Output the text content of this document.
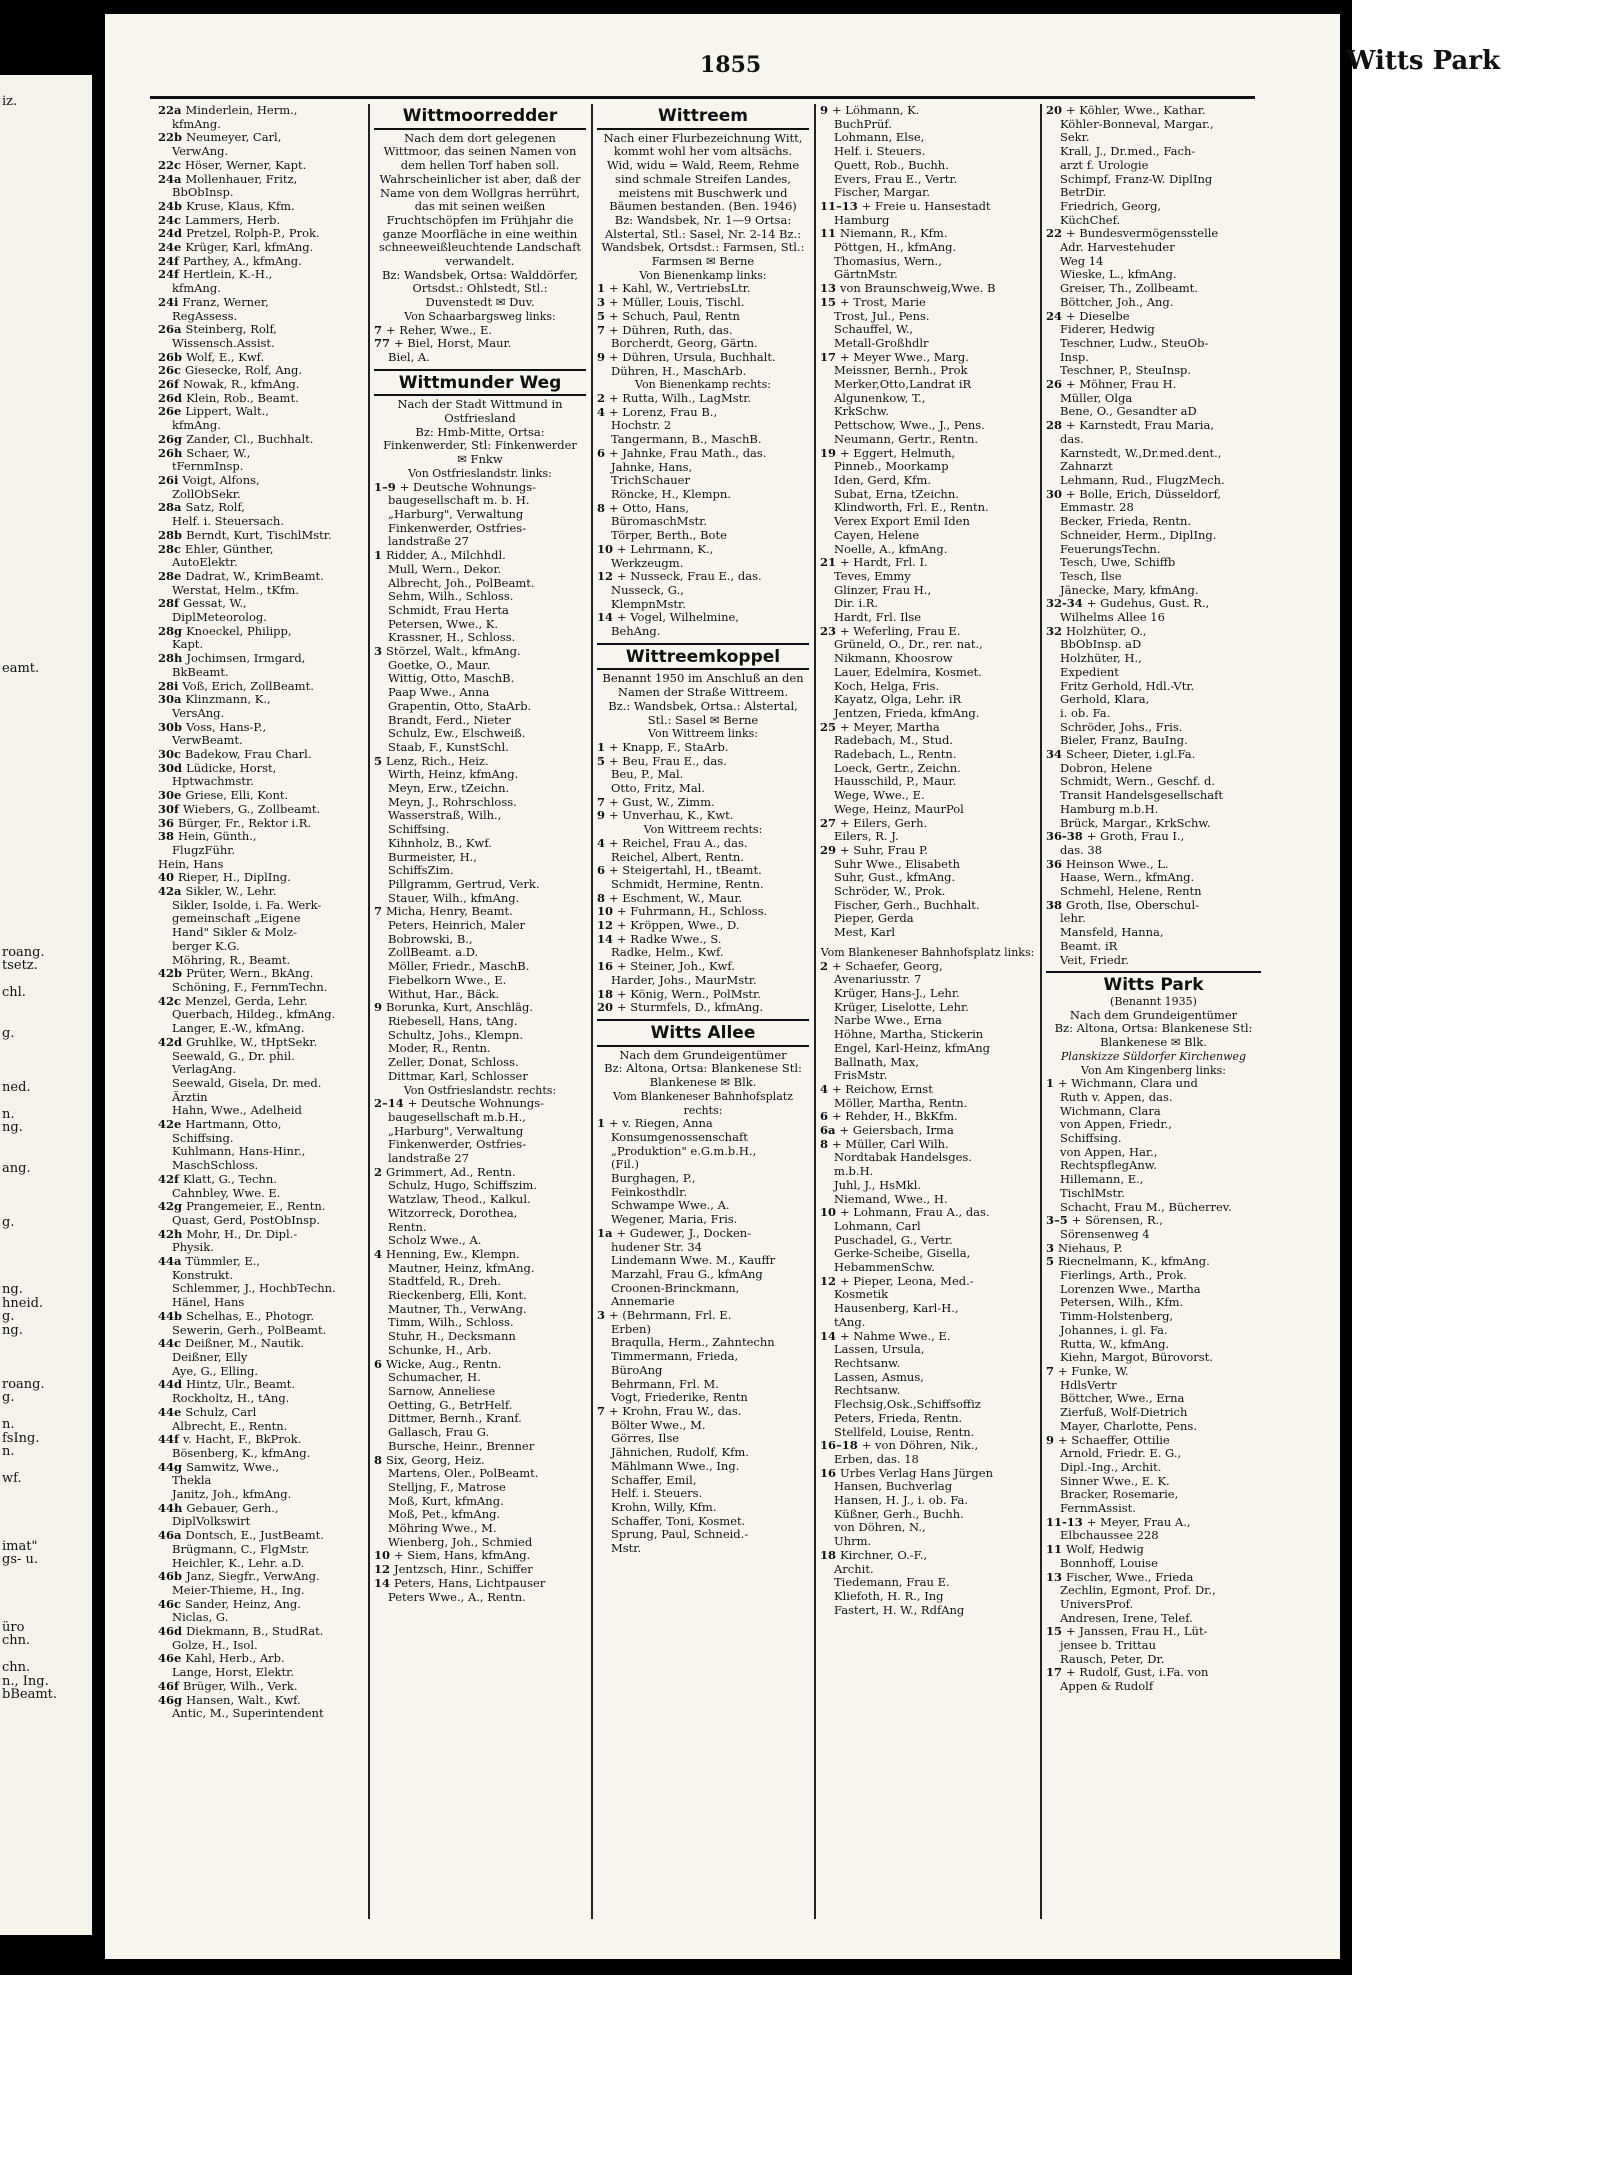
iz.
eamt.
roang.
tsetz.
chl.
g.
ned.
n.
ng.
ang.
g.
ng.
hneid.
g.
ng.
roang.
g.
n.
fsIng.
n.
wf.
imat"
gs- u.
üro
chn.
chn.
n., Ing.
bBeamt.
1855	Witts Park
22a Minderlein, Herm.,
kfmAng.
22b Neumeyer, Carl,
VerwAng.
22c Höser, Werner, Kapt.
24a Mollenhauer, Fritz,
BbObInsp.
24b Kruse, Klaus, Kfm.
24c Lammers, Herb.
24d Pretzel, Rolph-P., Prok.
24e Krüger, Karl, kfmAng.
24f Parthey, A., kfmAng.
24f Hertlein, K.-H.,
kfmAng.
24i Franz, Werner,
RegAssess.
26a Steinberg, Rolf,
Wissensch.Assist.
26b Wolf, E., Kwf.
26c Giesecke, Rolf, Ang.
26f Nowak, R., kfmAng.
26d Klein, Rob., Beamt.
26e Lippert, Walt.,
kfmAng.
26g Zander, Cl., Buchhalt.
26h Schaer, W.,
tFernmInsp.
26i Voigt, Alfons,
ZollObSekr.
28a Satz, Rolf,
Helf. i. Steuersach.
28b Berndt, Kurt, TischlMstr.
28c Ehler, Günther,
AutoElektr.
28e Dadrat, W., KrimBeamt.
Werstat, Helm., tKfm.
28f Gessat, W.,
DiplMeteorolog.
28g Knoeckel, Philipp,
Kapt.
28h Jochimsen, Irmgard,
BkBeamt.
28i Voß, Erich, ZollBeamt.
30a Klinzmann, K.,
VersAng.
30b Voss, Hans-P.,
VerwBeamt.
30c Badekow, Frau Charl.
30d Lüdicke, Horst,
Hptwachmstr.
30e Griese, Elli, Kont.
30f Wiebers, G., Zollbeamt.
36 Bürger, Fr., Rektor i.R.
38 Hein, Günth.,
FlugzFühr.
Hein, Hans
40 Rieper, H., DiplIng.
42a Sikler, W., Lehr.
Sikler, Isolde, i. Fa. Werk-
gemeinschaft „Eigene
Hand" Sikler & Molz-
berger K.G.
Möhring, R., Beamt.
42b Prüter, Wern., BkAng.
Schöning, F., FernmTechn.
42c Menzel, Gerda, Lehr.
Querbach, Hildeg., kfmAng.
Langer, E.-W., kfmAng.
42d Gruhlke, W., tHptSekr.
Seewald, G., Dr. phil.
VerlagAng.
Seewald, Gisela, Dr. med.
Ärztin
Hahn, Wwe., Adelheid
42e Hartmann, Otto,
Schiffsing.
Kuhlmann, Hans-Hinr.,
MaschSchloss.
42f Klatt, G., Techn.
Cahnbley, Wwe. E.
42g Prangemeier, E., Rentn.
Quast, Gerd, PostObInsp.
42h Mohr, H., Dr. Dipl.-
Physik.
44a Tümmler, E.,
Konstrukt.
Schlemmer, J., HochbTechn.
Hänel, Hans
44b Schelhas, E., Photogr.
Sewerin, Gerh., PolBeamt.
44c Deißner, M., Nautik.
Deißner, Elly
Aye, G., Elling.
44d Hintz, Ulr., Beamt.
Rockholtz, H., tAng.
44e Schulz, Carl
Albrecht, E., Rentn.
44f v. Hacht, F., BkProk.
Bösenberg, K., kfmAng.
44g Samwitz, Wwe.,
Thekla
Janitz, Joh., kfmAng.
44h Gebauer, Gerh.,
DiplVolkswirt
46a Dontsch, E., JustBeamt.
Brügmann, C., FlgMstr.
Heichler, K., Lehr. a.D.
46b Janz, Siegfr., VerwAng.
Meier-Thieme, H., Ing.
46c Sander, Heinz, Ang.
Niclas, G.
46d Diekmann, B., StudRat.
Golze, H., Isol.
46e Kahl, Herb., Arb.
Lange, Horst, Elektr.
46f Brüger, Wilh., Verk.
46g Hansen, Walt., Kwf.
Antic, M., Superintendent
Wittmoorredder
Nach dem dort gelegenen Wittmoor, das seinen Namen von dem hellen Torf haben soll. Wahrscheinlicher ist aber, daß der Name von dem Wollgras herrührt, das mit seinen weißen Fruchtschöpfen im Frühjahr die ganze Moorfläche in eine weithin schneeweißleuchtende Landschaft verwandelt.
Bz: Wandsbek, Ortsa: Walddörfer, Ortsdst.: Ohlstedt, Stl.: Duvenstedt ✉ Duv.
Von Schaarbargsweg links:
7 + Reher, Wwe., E.
77 + Biel, Horst, Maur.
Biel, A.
Wittmunder Weg
Nach der Stadt Wittmund in Ostfriesland
Bz: Hmb-Mitte, Ortsa: Finkenwerder, Stl: Finkenwerder ✉ Fnkw
Von Ostfrieslandstr. links:
1–9 + Deutsche Wohnungs-
baugesellschaft m. b. H.
„Harburg", Verwaltung
Finkenwerder, Ostfries-
landstraße 27
1 Ridder, A., Milchhdl.
Mull, Wern., Dekor.
Albrecht, Joh., PolBeamt.
Sehm, Wilh., Schloss.
Schmidt, Frau Herta
Petersen, Wwe., K.
Krassner, H., Schloss.
3 Störzel, Walt., kfmAng.
Goetke, O., Maur.
Wittig, Otto, MaschB.
Paap Wwe., Anna
Grapentin, Otto, StaArb.
Brandt, Ferd., Nieter
Schulz, Ew., Elschweiß.
Staab, F., KunstSchl.
5 Lenz, Rich., Heiz.
Wirth, Heinz, kfmAng.
Meyn, Erw., tZeichn.
Meyn, J., Rohrschloss.
Wasserstraß, Wilh.,
Schiffsing.
Kihnholz, B., Kwf.
Burmeister, H.,
SchiffsZim.
Pillgramm, Gertrud, Verk.
Stauer, Wilh., kfmAng.
7 Micha, Henry, Beamt.
Peters, Heinrich, Maler
Bobrowski, B.,
ZollBeamt. a.D.
Möller, Friedr., MaschB.
Fiebelkorn Wwe., E.
Withut, Har., Bäck.
9 Borunka, Kurt, Anschläg.
Riebesell, Hans, tAng.
Schultz, Johs., Klempn.
Moder, R., Rentn.
Zeller, Donat, Schloss.
Dittmar, Karl, Schlosser
Von Ostfrieslandstr. rechts:
2–14 + Deutsche Wohnungs-
baugesellschaft m.b.H.,
„Harburg", Verwaltung
Finkenwerder, Ostfries-
landstraße 27
2 Grimmert, Ad., Rentn.
Schulz, Hugo, Schiffszim.
Watzlaw, Theod., Kalkul.
Witzorreck, Dorothea,
Rentn.
Scholz Wwe., A.
4 Henning, Ew., Klempn.
Mautner, Heinz, kfmAng.
Stadtfeld, R., Dreh.
Rieckenberg, Elli, Kont.
Mautner, Th., VerwAng.
Timm, Wilh., Schloss.
Stuhr, H., Decksmann
Schunke, H., Arb.
6 Wicke, Aug., Rentn.
Schumacher, H.
Sarnow, Anneliese
Oetting, G., BetrHelf.
Dittmer, Bernh., Kranf.
Gallasch, Frau G.
Bursche, Heinr., Brenner
8 Six, Georg, Heiz.
Martens, Oler., PolBeamt.
Stelljng, F., Matrose
Moß, Kurt, kfmAng.
Moß, Pet., kfmAng.
Möhring Wwe., M.
Wienberg, Joh., Schmied
10 + Siem, Hans, kfmAng.
12 Jentzsch, Hinr., Schiffer
14 Peters, Hans, Lichtpauser
Peters Wwe., A., Rentn.
Wittreem
Nach einer Flurbezeichnung Witt, kommt wohl her vom altsächs. Wid, widu = Wald, Reem, Rehme sind schmale Streifen Landes, meistens mit Buschwerk und Bäumen bestanden. (Ben. 1946)
Bz: Wandsbek, Nr. 1—9 Ortsa: Alstertal, Stl.: Sasel, Nr. 2-14 Bz.: Wandsbek, Ortsdst.: Farmsen, Stl.: Farmsen ✉ Berne
Von Bienenkamp links:
1 + Kahl, W., VertriebsLtr.
3 + Müller, Louis, Tischl.
5 + Schuch, Paul, Rentn
7 + Dühren, Ruth, das.
Borcherdt, Georg, Gärtn.
9 + Dühren, Ursula, Buchhalt.
Dühren, H., MaschArb.
Von Bienenkamp rechts:
2 + Rutta, Wilh., LagMstr.
4 + Lorenz, Frau B.,
Hochstr. 2
Tangermann, B., MaschB.
6 + Jahnke, Frau Math., das.
Jahnke, Hans,
TrichSchauer
Röncke, H., Klempn.
8 + Otto, Hans,
BüromaschMstr.
Törper, Berth., Bote
10 + Lehrmann, K.,
Werkzeugm.
12 + Nusseck, Frau E., das.
Nusseck, G.,
KlempnMstr.
14 + Vogel, Wilhelmine,
BehAng.
Wittreemkoppel
Benannt 1950 im Anschluß an den Namen der Straße Wittreem.
Bz.: Wandsbek, Ortsa.: Alstertal, Stl.: Sasel ✉ Berne
Von Wittreem links:
1 + Knapp, F., StaArb.
5 + Beu, Frau E., das.
Beu, P., Mal.
Otto, Fritz, Mal.
7 + Gust, W., Zimm.
9 + Unverhau, K., Kwt.
Von Wittreem rechts:
4 + Reichel, Frau A., das.
Reichel, Albert, Rentn.
6 + Steigertahl, H., tBeamt.
Schmidt, Hermine, Rentn.
8 + Eschment, W., Maur.
10 + Fuhrmann, H., Schloss.
12 + Kröppen, Wwe., D.
14 + Radke Wwe., S.
Radke, Helm., Kwf.
16 + Steiner, Joh., Kwf.
Harder, Johs., MaurMstr.
18 + König, Wern., PolMstr.
20 + Sturmfels, D., kfmAng.
Witts Allee
Nach dem Grundeigentümer
Bz: Altona, Ortsa: Blankenese Stl: Blankenese ✉ Blk.
Vom Blankeneser Bahnhofsplatz rechts:
1 + v. Riegen, Anna
Konsumgenossenschaft
„Produktion" e.G.m.b.H.,
(Fil.)
Burghagen, P.,
Feinkosthdlr.
Schwampe Wwe., A.
Wegener, Maria, Fris.
1a + Gudewer, J., Docken-
hudener Str. 34
Lindemann Wwe. M., Kauffr
Marzahl, Frau G., kfmAng
Croonen-Brinckmann,
Annemarie
3 + (Behrmann, Frl. E.
Erben)
Braqulla, Herm., Zahntechn
Timmermann, Frieda,
BüroAng
Behrmann, Frl. M.
Vogt, Friederike, Rentn
7 + Krohn, Frau W., das.
Bölter Wwe., M.
Görres, Ilse
Jähnichen, Rudolf, Kfm.
Mählmann Wwe., Ing.
Schaffer, Emil,
Helf. i. Steuers.
Krohn, Willy, Kfm.
Schaffer, Toni, Kosmet.
Sprung, Paul, Schneid.-
Mstr.
9 + Löhmann, K.
BuchPrüf.
Lohmann, Else,
Helf. i. Steuers.
Quett, Rob., Buchh.
Evers, Frau E., Vertr.
Fischer, Margar.
11–13 + Freie u. Hansestadt
Hamburg
11 Niemann, R., Kfm.
Pöttgen, H., kfmAng.
Thomasius, Wern.,
GärtnMstr.
13 von Braunschweig,Wwe. B
15 + Trost, Marie
Trost, Jul., Pens.
Schauffel, W.,
Metall-Großhdlr
17 + Meyer Wwe., Marg.
Meissner, Bernh., Prok
Merker,Otto,Landrat iR
Algunenkow, T.,
KrkSchw.
Pettschow, Wwe., J., Pens.
Neumann, Gertr., Rentn.
19 + Eggert, Helmuth,
Pinneb., Moorkamp
Iden, Gerd, Kfm.
Subat, Erna, tZeichn.
Klindworth, Frl. E., Rentn.
Verex Export Emil Iden
Cayen, Helene
Noelle, A., kfmAng.
21 + Hardt, Frl. I.
Teves, Emmy
Glinzer, Frau H.,
Dir. i.R.
Hardt, Frl. Ilse
23 + Weferling, Frau E.
Grüneld, O., Dr., rer. nat.,
Nikmann, Khoosrow
Lauer, Edelmira, Kosmet.
Koch, Helga, Fris.
Kayatz, Olga, Lehr. iR
Jentzen, Frieda, kfmAng.
25 + Meyer, Martha
Radebach, M., Stud.
Radebach, L., Rentn.
Loeck, Gertr., Zeichn.
Hausschild, P., Maur.
Wege, Wwe., E.
Wege, Heinz, MaurPol
27 + Eilers, Gerh.
Eilers, R. J.
29 + Suhr, Frau P.
Suhr Wwe., Elisabeth
Suhr, Gust., kfmAng.
Schröder, W., Prok.
Fischer, Gerh., Buchhalt.
Pieper, Gerda
Mest, Karl
Vom Blankeneser Bahnhofsplatz links:
2 + Schaefer, Georg,
Avenariusstr. 7
Krüger, Hans-J., Lehr.
Krüger, Liselotte, Lehr.
Narbe Wwe., Erna
Höhne, Martha, Stickerin
Engel, Karl-Heinz, kfmAng
Ballnath, Max,
FrisMstr.
4 + Reichow, Ernst
Möller, Martha, Rentn.
6 + Rehder, H., BkKfm.
6a + Geiersbach, Irma
8 + Müller, Carl Wilh.
Nordtabak Handelsges.
m.b.H.
Juhl, J., HsMkl.
Niemand, Wwe., H.
10 + Lohmann, Frau A., das.
Lohmann, Carl
Puschadel, G., Vertr.
Gerke-Scheibe, Gisella,
HebammenSchw.
12 + Pieper, Leona, Med.-
Kosmetik
Hausenberg, Karl-H.,
tAng.
14 + Nahme Wwe., E.
Lassen, Ursula,
Rechtsanw.
Lassen, Asmus,
Rechtsanw.
Flechsig,Osk.,Schiffsoffiz
Peters, Frieda, Rentn.
Stellfeld, Louise, Rentn.
16–18 + von Döhren, Nik.,
Erben, das. 18
16 Urbes Verlag Hans Jürgen
Hansen, Buchverlag
Hansen, H. J., i. ob. Fa.
Küßner, Gerh., Buchh.
von Döhren, N.,
Uhrm.
18 Kirchner, O.-F.,
Archit.
Tiedemann, Frau E.
Kliefoth, H. R., Ing
Fastert, H. W., RdfAng
20 + Köhler, Wwe., Kathar.
Köhler-Bonneval, Margar.,
Sekr.
Krall, J., Dr.med., Fach-
arzt f. Urologie
Schimpf, Franz-W. DiplIng
BetrDir.
Friedrich, Georg,
KüchChef.
22 + Bundesvermögensstelle
Adr. Harvestehuder
Weg 14
Wieske, L., kfmAng.
Greiser, Th., Zollbeamt.
Böttcher, Joh., Ang.
24 + Dieselbe
Fiderer, Hedwig
Teschner, Ludw., SteuOb-
Insp.
Teschner, P., SteuInsp.
26 + Möhner, Frau H.
Müller, Olga
Bene, O., Gesandter aD
28 + Karnstedt, Frau Maria,
das.
Karnstedt, W.,Dr.med.dent.,
Zahnarzt
Lehmann, Rud., FlugzMech.
30 + Bolle, Erich, Düsseldorf,
Emmastr. 28
Becker, Frieda, Rentn.
Schneider, Herm., DiplIng.
FeuerungsTechn.
Tesch, Uwe, Schiffb
Tesch, Ilse
Jänecke, Mary, kfmAng.
32-34 + Gudehus, Gust. R.,
Wilhelms Allee 16
32 Holzhüter, O.,
BbObInsp. aD
Holzhüter, H.,
Expedient
Fritz Gerhold, Hdl.-Vtr.
Gerhold, Klara,
i. ob. Fa.
Schröder, Johs., Fris.
Bieler, Franz, BauIng.
34 Scheer, Dieter, i.gl.Fa.
Dobron, Helene
Schmidt, Wern., Geschf. d.
Transit Handelsgesellschaft
Hamburg m.b.H.
Brück, Margar., KrkSchw.
36-38 + Groth, Frau I.,
das. 38
36 Heinson Wwe., L.
Haase, Wern., kfmAng.
Schmehl, Helene, Rentn
38 Groth, Ilse, Oberschul-
lehr.
Mansfeld, Hanna,
Beamt. iR
Veit, Friedr.
Witts Park
(Benannt 1935)
Nach dem Grundeigentümer
Bz: Altona, Ortsa: Blankenese Stl: Blankenese ✉ Blk.
Planskizze Süldorfer Kirchenweg
Von Am Kingenberg links:
1 + Wichmann, Clara und
Ruth v. Appen, das.
Wichmann, Clara
von Appen, Friedr.,
Schiffsing.
von Appen, Har.,
RechtspflegAnw.
Hillemann, E.,
TischlMstr.
Schacht, Frau M., Bücherrev.
3–5 + Sörensen, R.,
Sörensenweg 4
3 Niehaus, P.
5 Riecnelmann, K., kfmAng.
Fierlings, Arth., Prok.
Lorenzen Wwe., Martha
Petersen, Wilh., Kfm.
Timm-Holstenberg,
Johannes, i. gl. Fa.
Rutta, W., kfmAng.
Kiehn, Margot, Bürovorst.
7 + Funke, W.
HdlsVertr
Böttcher, Wwe., Erna
Zierfuß, Wolf-Dietrich
Mayer, Charlotte, Pens.
9 + Schaeffer, Ottilie
Arnold, Friedr. E. G.,
Dipl.-Ing., Archit.
Sinner Wwe., E. K.
Bracker, Rosemarie,
FernmAssist.
11-13 + Meyer, Frau A.,
Elbchaussee 228
11 Wolf, Hedwig
Bonnhoff, Louise
13 Fischer, Wwe., Frieda
Zechlin, Egmont, Prof. Dr.,
UniversProf.
Andresen, Irene, Telef.
15 + Janssen, Frau H., Lüt-
jensee b. Trittau
Rausch, Peter, Dr.
17 + Rudolf, Gust, i.Fa. von
Appen & Rudolf
